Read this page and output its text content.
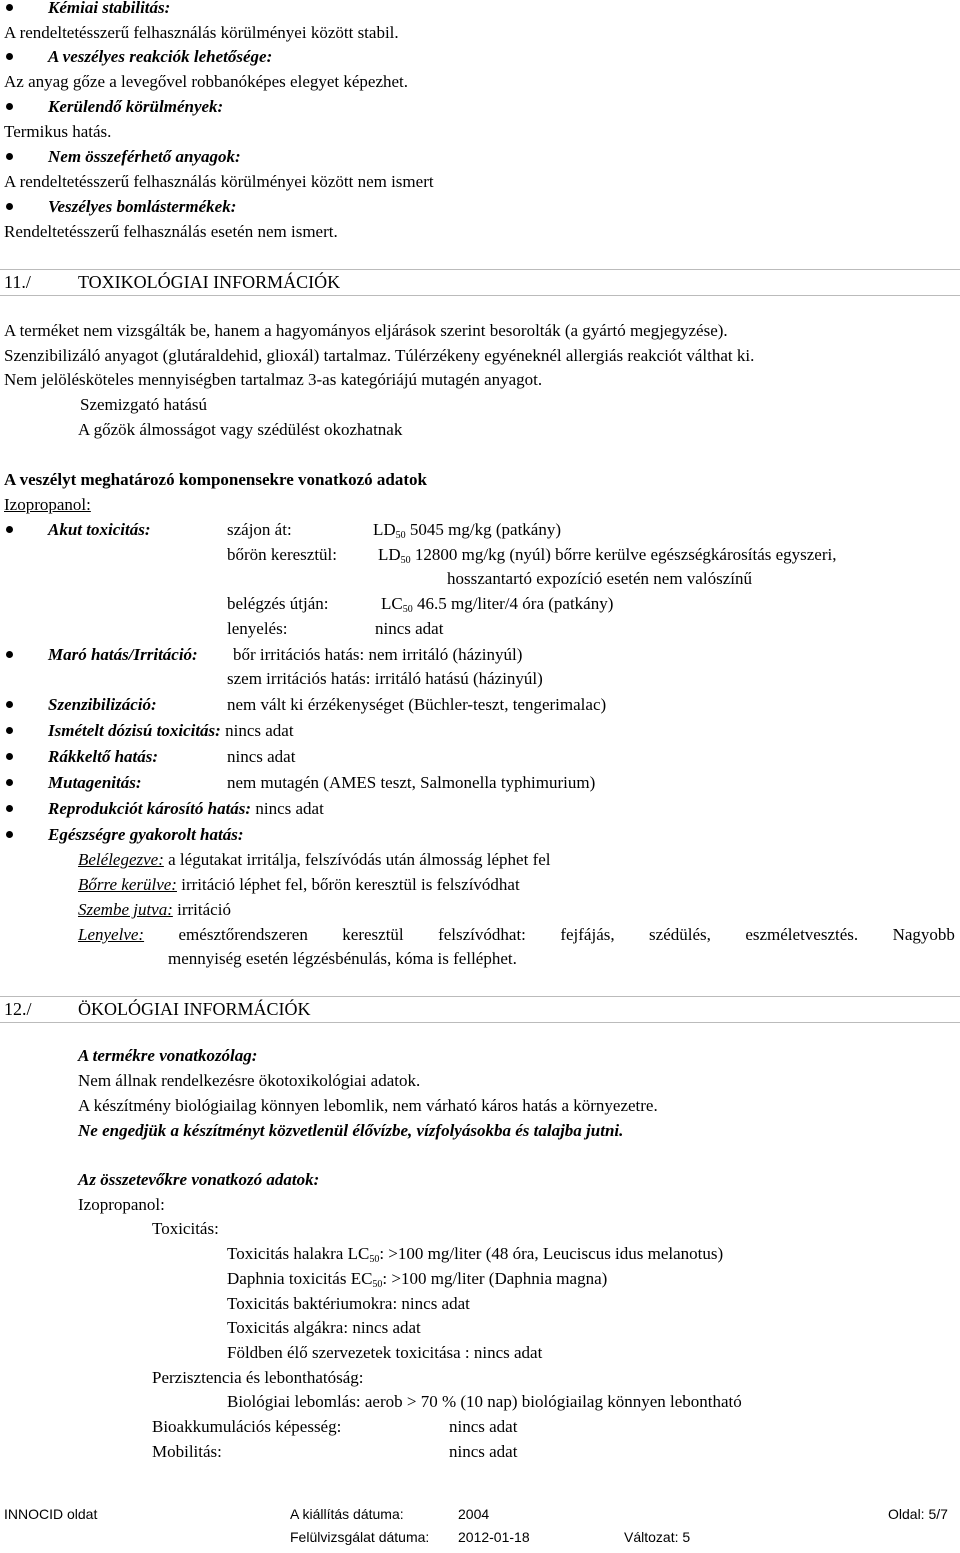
Kémiai stabilitás:
A rendeltetésszerű felhasználás körülményei között stabil.
A veszélyes reakciók lehetősége:
Az anyag gőze a levegővel robbanóképes elegyet képezhet.
Kerülendő körülmények:
Termikus hatás.
Nem összeférhető anyagok:
A rendeltetésszerű felhasználás körülményei között nem ismert
Veszélyes bomlástermékek:
Rendeltetésszerű felhasználás esetén nem ismert.
11./	TOXIKOLÓGIAI INFORMÁCIÓK
A terméket nem vizsgálták be, hanem a hagyományos eljárások szerint besorolták (a gyártó megjegyzése).
Szenzibilizáló anyagot (glutáraldehid, glioxál) tartalmaz. Túlérzékeny egyéneknél allergiás reakciót válthat ki.
Nem jelölésköteles mennyiségben tartalmaz 3-as kategóriájú mutagén anyagot.
Szemizgató hatású
A gőzök álmosságot vagy szédülést okozhatnak
A veszélyt meghatározó komponensekre vonatkozó adatok
Izopropanol:
Akut toxicitás:	szájon át:	$LD_{50}$ 5045 mg/kg (patkány)
bőrön keresztül: $LD_{50}$ 12800 mg/kg (nyúl) bőrre kerülve egészségkárosítás egyszeri,
hosszantartó expozíció esetén nem valószínű
belégzés útján:	$LC_{50}$ 46.5 mg/liter/4 óra (patkány)
lenyelés:	nincs adat
Maró hatás/Irritáció: bőr irritációs hatás: nem irritáló (házinyúl)
szem irritációs hatás: irritáló hatású (házinyúl)
Szenzibilizáció:	nem vált ki érzékenységet (Büchler-teszt, tengerimalac)
Ismételt dózisú toxicitás: nincs adat
Rákkeltő hatás:	nincs adat
Mutagenitás:	nem mutagén (AMES teszt, Salmonella typhimurium)
Reprodukciót károsító hatás: nincs adat
Egészségre gyakorolt hatás:
Belélegezve: a légutakat irritálja, felszívódás után álmosság léphet fel
Bőrre kerülve: irritáció léphet fel, bőrön keresztül is felszívódhat
Szembe jutva: irritáció
Lenyelve: emésztőrendszeren keresztül felszívódhat: fejfájás, szédülés, eszméletvesztés. Nagyobb
mennyiség esetén légzésbénulás, kóma is felléphet.
12./	ÖKOLÓGIAI INFORMÁCIÓK
A termékre vonatkozólag:
Nem állnak rendelkezésre ökotoxikológiai adatok.
A készítmény biológiailag könnyen lebomlik, nem várható káros hatás a környezetre.
Ne engedjük a készítményt közvetlenül élővízbe, vízfolyásokba és talajba jutni.
Az összetevőkre vonatkozó adatok:
Izopropanol:
Toxicitás:
Toxicitás halakra $LC_{50}$: >100 mg/liter (48 óra, Leuciscus idus melanotus)
Daphnia toxicitás $EC_{50}$: >100 mg/liter (Daphnia magna)
Toxicitás baktériumokra: nincs adat
Toxicitás algákra: nincs adat
Földben élő szervezetek toxicitása : nincs adat
Perzisztencia és lebonthatóság:
Biológiai lebomlás: aerob > 70 % (10 nap) biológiailag könnyen lebontható
Bioakkumulációs képesség:	nincs adat
Mobilitás:	nincs adat
INNOCID oldat	A kiállítás dátuma:	2004	Oldal: 5/7
Felülvizsgálat dátuma: 2012-01-18	Változat: 5
